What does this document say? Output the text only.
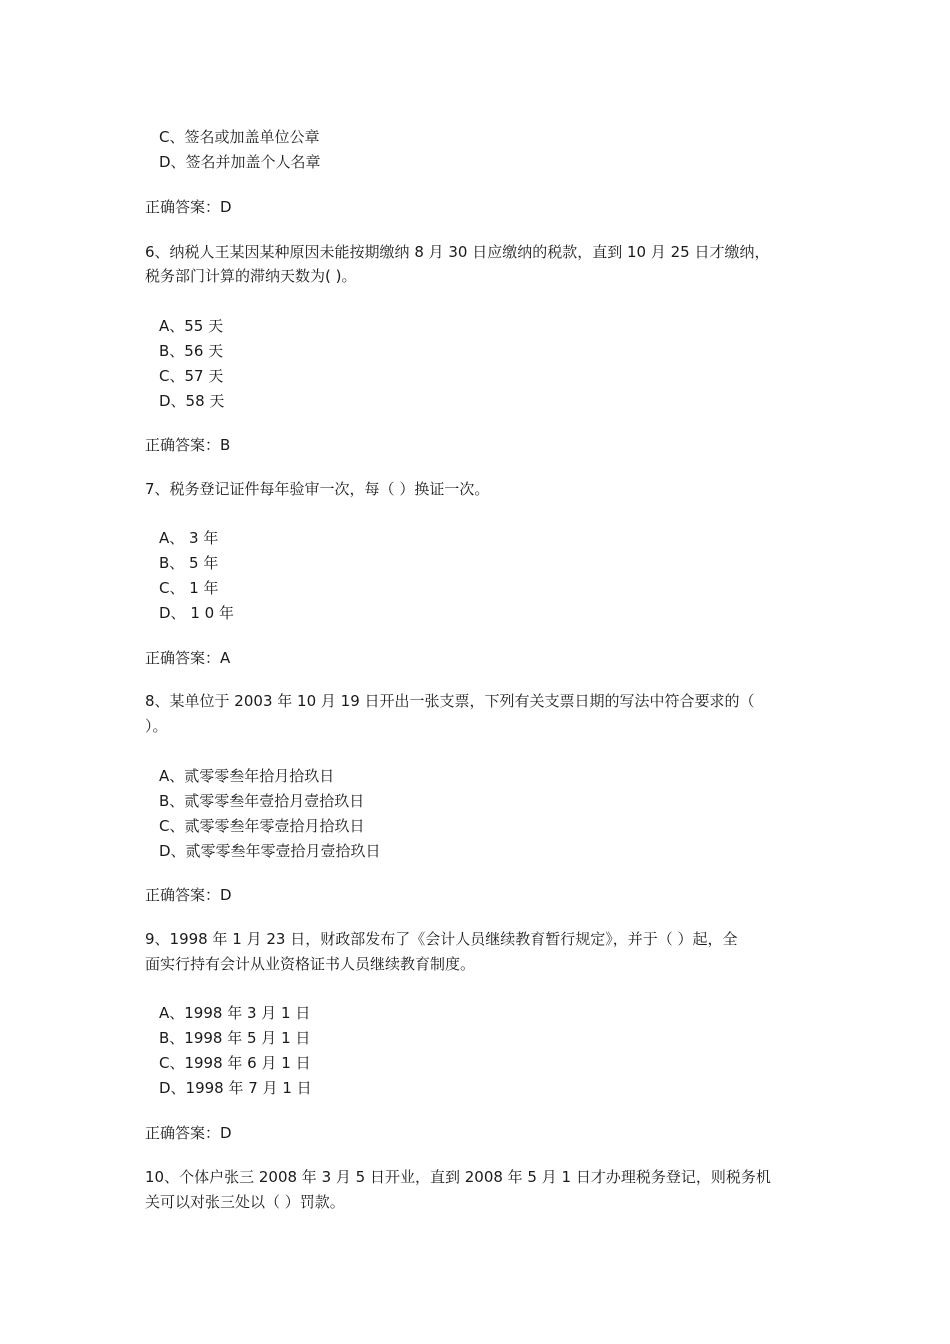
C、签名或加盖单位公章
D、签名并加盖个人名章
正确答案：D
6、纳税人王某因某种原因未能按期缴纳 8 月 30 日应缴纳的税款，直到 10 月 25 日才缴纳，
税务部门计算的滞纳天数为( )。
A、55 天
B、56 天
C、57 天
D、58 天
正确答案：B
7、税务登记证件每年验审一次，每（ ）换证一次。
A、 3 年
B、 5 年
C、 1 年
D、 1 0 年
正确答案：A
8、某单位于 2003 年 10 月 19 日开出一张支票，下列有关支票日期的写法中符合要求的（
）。
A、贰零零叁年拾月拾玖日
B、贰零零叁年壹拾月壹拾玖日
C、贰零零叁年零壹拾月拾玖日
D、贰零零叁年零壹拾月壹拾玖日
正确答案：D
9、1998 年 1 月 23 日，财政部发布了《会计人员继续教育暂行规定》，并于（ ）起，全
面实行持有会计从业资格证书人员继续教育制度。
A、1998 年 3 月 1 日
B、1998 年 5 月 1 日
C、1998 年 6 月 1 日
D、1998 年 7 月 1 日
正确答案：D
10、个体户张三 2008 年 3 月 5 日开业，直到 2008 年 5 月 1 日才办理税务登记，则税务机
关可以对张三处以（ ）罚款。
